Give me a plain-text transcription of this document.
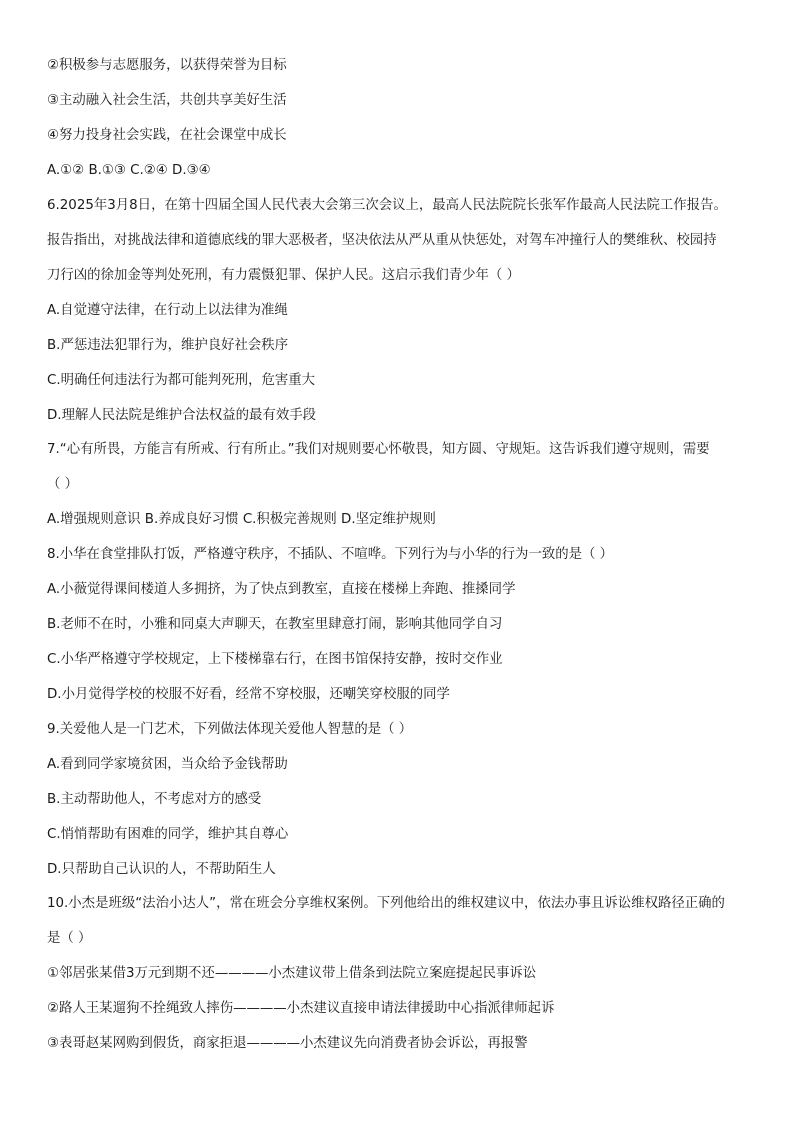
②积极参与志愿服务，以获得荣誉为目标
③主动融入社会生活，共创共享美好生活
④努力投身社会实践，在社会课堂中成长
A.①② B.①③ C.②④ D.③④
6.2025年3月8日，在第十四届全国人民代表大会第三次会议上，最高人民法院院长张军作最高人民法院工作报告。
报告指出，对挑战法律和道德底线的罪大恶极者，坚决依法从严从重从快惩处，对驾车冲撞行人的樊维秋、校园持
刀行凶的徐加金等判处死刑，有力震慑犯罪、保护人民。这启示我们青少年（ ）
A.自觉遵守法律，在行动上以法律为准绳
B.严惩违法犯罪行为，维护良好社会秩序
C.明确任何违法行为都可能判死刑，危害重大
D.理解人民法院是维护合法权益的最有效手段
7.“心有所畏，方能言有所戒、行有所止。”我们对规则要心怀敬畏，知方圆、守规矩。这告诉我们遵守规则，需要
（ ）
A.增强规则意识 B.养成良好习惯 C.积极完善规则 D.坚定维护规则
8.小华在食堂排队打饭，严格遵守秩序，不插队、不喧哗。下列行为与小华的行为一致的是（ ）
A.小薇觉得课间楼道人多拥挤，为了快点到教室，直接在楼梯上奔跑、推搡同学
B.老师不在时，小雅和同桌大声聊天，在教室里肆意打闹，影响其他同学自习
C.小华严格遵守学校规定，上下楼梯靠右行，在图书馆保持安静，按时交作业
D.小月觉得学校的校服不好看，经常不穿校服，还嘲笑穿校服的同学
9.关爱他人是一门艺术，下列做法体现关爱他人智慧的是（ ）
A.看到同学家境贫困，当众给予金钱帮助
B.主动帮助他人，不考虑对方的感受
C.悄悄帮助有困难的同学，维护其自尊心
D.只帮助自己认识的人，不帮助陌生人
10.小杰是班级“法治小达人”，常在班会分享维权案例。下列他给出的维权建议中，依法办事且诉讼维权路径正确的
是（ ）
①邻居张某借3万元到期不还————小杰建议带上借条到法院立案庭提起民事诉讼
②路人王某遛狗不拴绳致人摔伤————小杰建议直接申请法律援助中心指派律师起诉
③表哥赵某网购到假货，商家拒退————小杰建议先向消费者协会诉讼，再报警
